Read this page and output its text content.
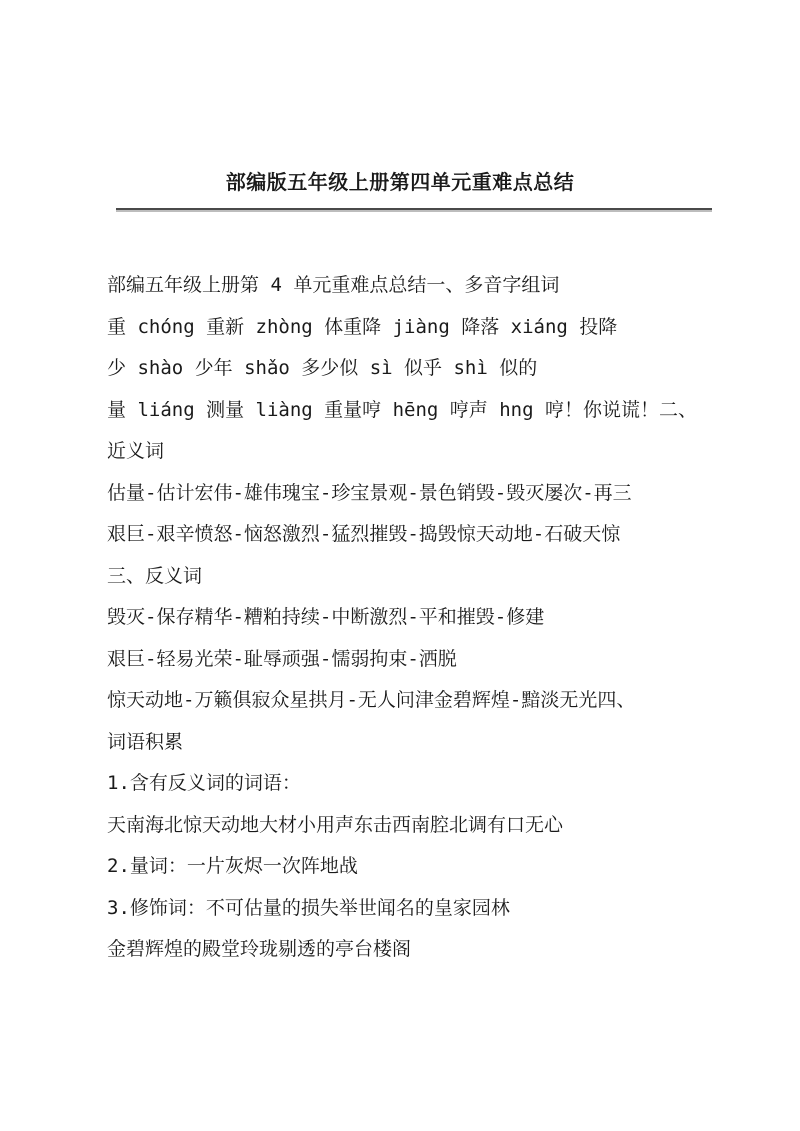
部编版五年级上册第四单元重难点总结
部编五年级上册第 4 单元重难点总结一、多音字组词
重 chóng 重新 zhòng 体重降 jiàng 降落 xiáng 投降
少 shào 少年 shǎo 多少似 sì 似乎 shì 似的
量 liáng 测量 liàng 重量哼 hēng 哼声 hng 哼！你说谎！二、
近义词
估量-估计宏伟-雄伟瑰宝-珍宝景观-景色销毁-毁灭屡次-再三
艰巨-艰辛愤怒-恼怒激烈-猛烈摧毁-捣毁惊天动地-石破天惊
三、反义词
毁灭-保存精华-糟粕持续-中断激烈-平和摧毁-修建
艰巨-轻易光荣-耻辱顽强-懦弱拘束-洒脱
惊天动地-万籁俱寂众星拱月-无人问津金碧辉煌-黯淡无光四、
词语积累
1.含有反义词的词语：
天南海北惊天动地大材小用声东击西南腔北调有口无心
2.量词：一片灰烬一次阵地战
3.修饰词：不可估量的损失举世闻名的皇家园林
金碧辉煌的殿堂玲珑剔透的亭台楼阁
